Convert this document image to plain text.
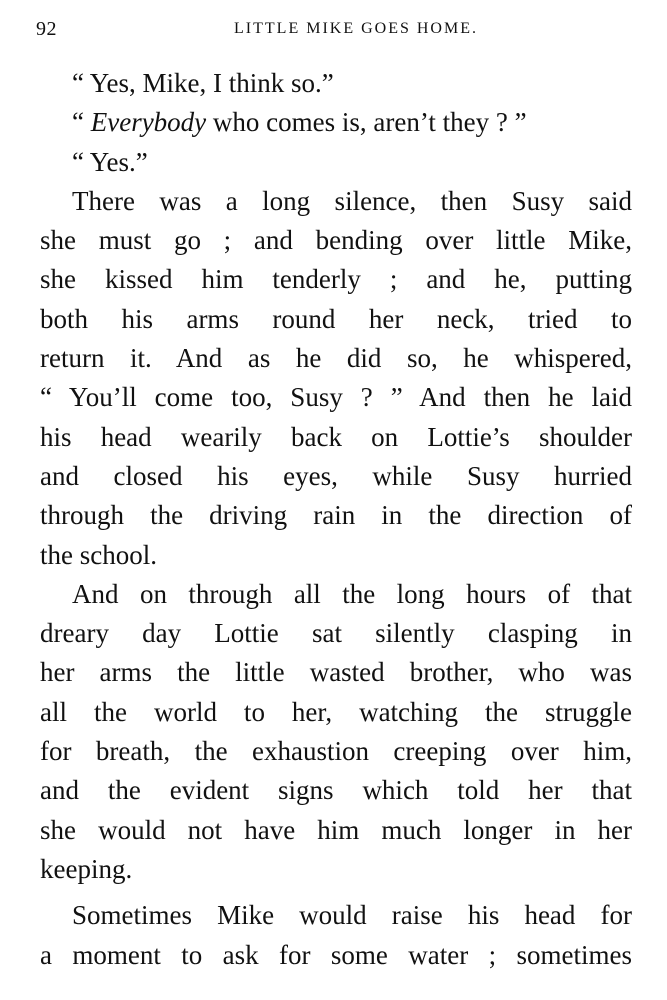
92	LITTLE MIKE GOES HOME.
“ Yes, Mike, I think so.”
“ Everybody who comes is, aren’t they ? ”
“ Yes.”
There was a long silence, then Susy said
she must go ; and bending over little Mike,
she kissed him tenderly ; and he, putting
both his arms round her neck, tried to
return it. And as he did so, he whispered,
“ You’ll come too, Susy ? ” And then he laid
his head wearily back on Lottie’s shoulder
and closed his eyes, while Susy hurried
through the driving rain in the direction of
the school.
And on through all the long hours of that
dreary day Lottie sat silently clasping in
her arms the little wasted brother, who was
all the world to her, watching the struggle
for breath, the exhaustion creeping over him,
and the evident signs which told her that
she would not have him much longer in her
keeping.
Sometimes Mike would raise his head for
a moment to ask for some water ; sometimes
